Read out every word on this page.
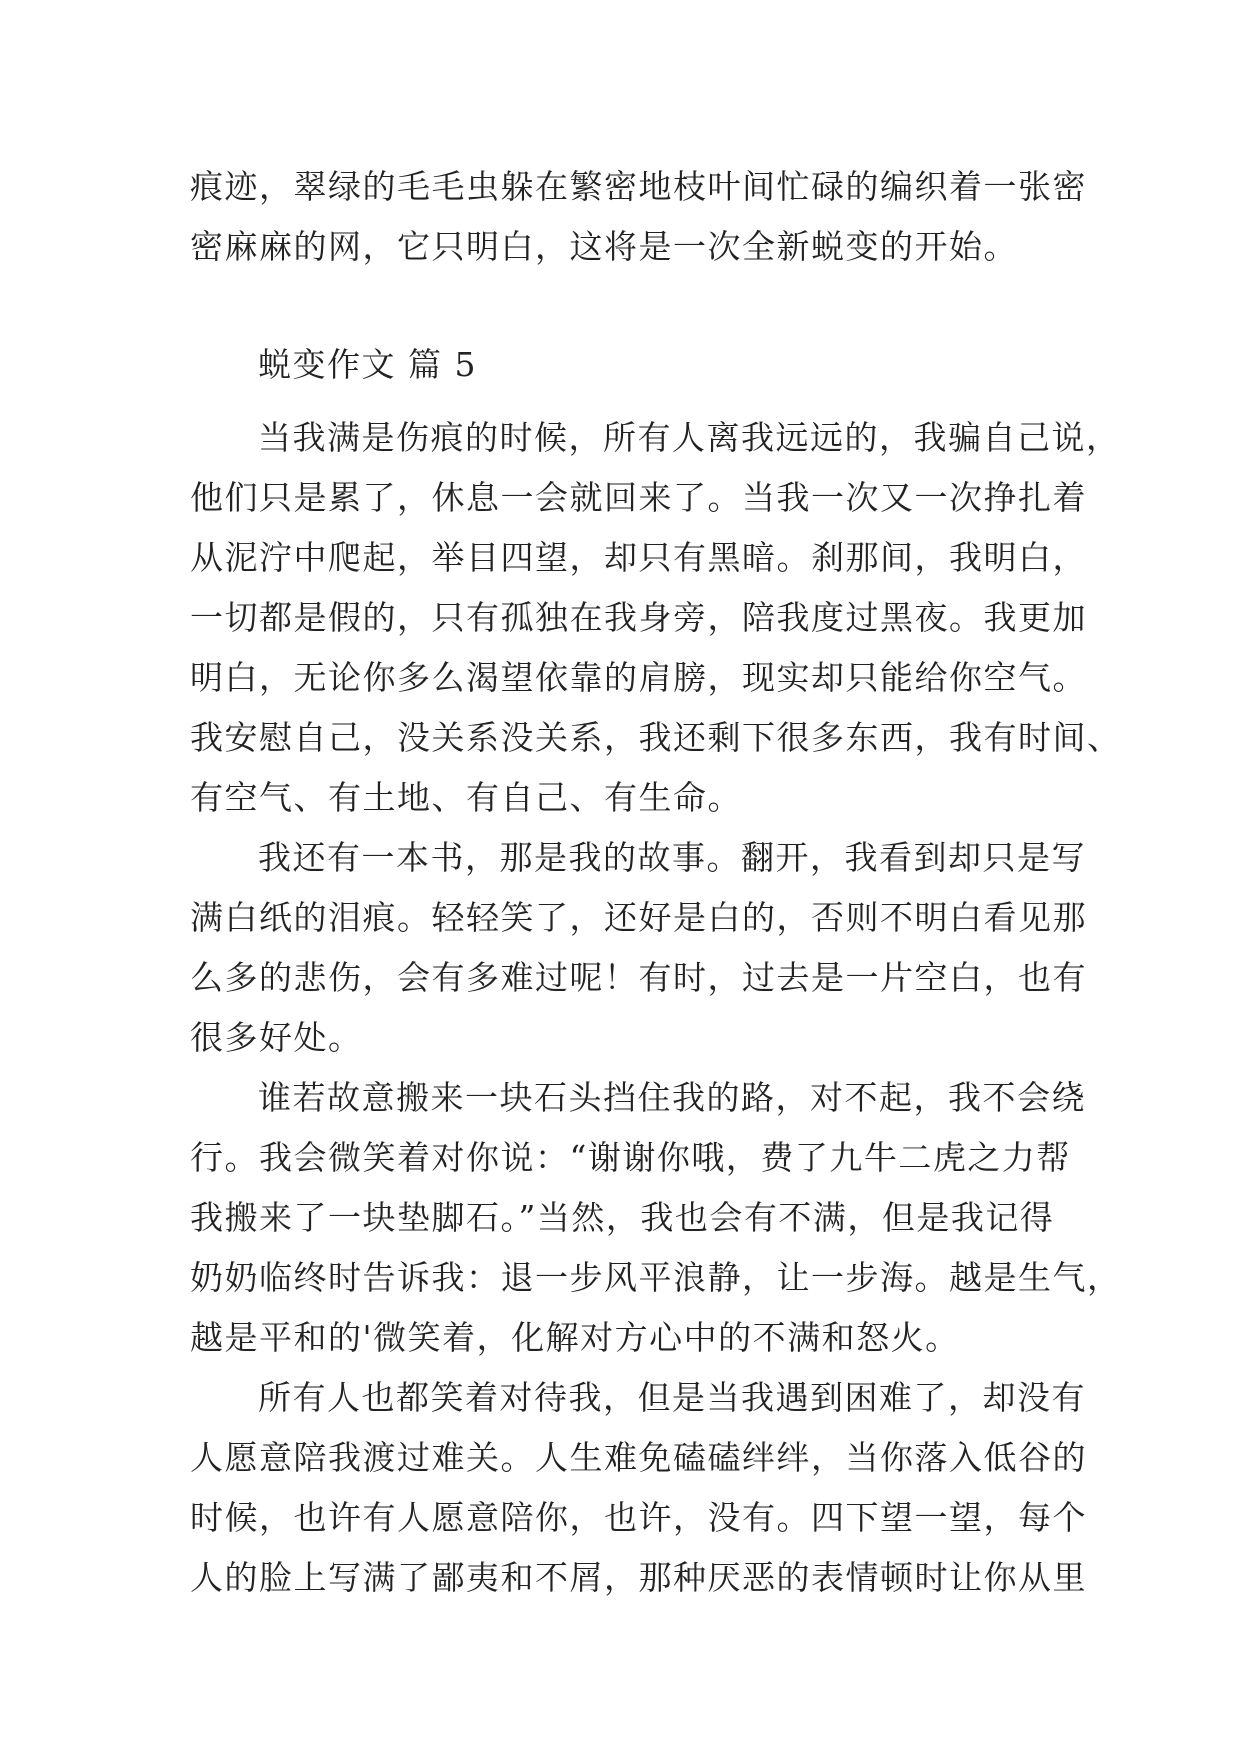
痕迹，翠绿的毛毛虫躲在繁密地枝叶间忙碌的编织着一张密
密麻麻的网，它只明白，这将是一次全新蜕变的开始。
蜕变作文 篇 5
当我满是伤痕的时候，所有人离我远远的，我骗自己说，
他们只是累了，休息一会就回来了。当我一次又一次挣扎着
从泥泞中爬起，举目四望，却只有黑暗。刹那间，我明白，
一切都是假的，只有孤独在我身旁，陪我度过黑夜。我更加
明白，无论你多么渴望依靠的肩膀，现实却只能给你空气。
我安慰自己，没关系没关系，我还剩下很多东西，我有时间、
有空气、有土地、有自己、有生命。
我还有一本书，那是我的故事。翻开，我看到却只是写
满白纸的泪痕。轻轻笑了，还好是白的，否则不明白看见那
么多的悲伤，会有多难过呢！有时，过去是一片空白，也有
很多好处。
谁若故意搬来一块石头挡住我的路，对不起，我不会绕
行。我会微笑着对你说：“谢谢你哦，费了九牛二虎之力帮
我搬来了一块垫脚石。”当然，我也会有不满，但是我记得
奶奶临终时告诉我：退一步风平浪静，让一步海。越是生气，
越是平和的'微笑着，化解对方心中的不满和怒火。
所有人也都笑着对待我，但是当我遇到困难了，却没有
人愿意陪我渡过难关。人生难免磕磕绊绊，当你落入低谷的
时候，也许有人愿意陪你，也许，没有。四下望一望，每个
人的脸上写满了鄙夷和不屑，那种厌恶的表情顿时让你从里
